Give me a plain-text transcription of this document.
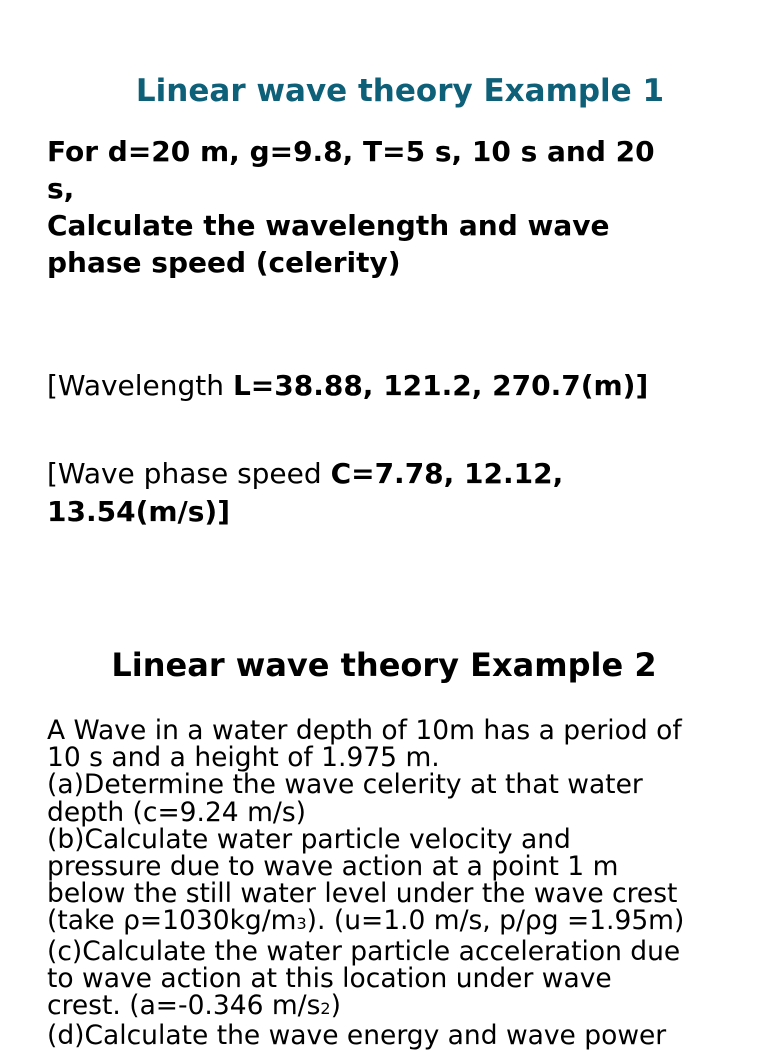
Linear wave theory Example 1
For d=20 m, g=9.8, T=5 s, 10 s and 20
s,
Calculate the wavelength and wave
phase speed (celerity)

[Wavelength L=38.88, 121.2, 270.7(m)]

[Wave phase speed C=7.78, 12.12,
13.54(m/s)]

Linear wave theory Example 2
A Wave in a water depth of 10m has a period of
10 s and a height of 1.975 m.
(a)Determine the wave celerity at that water
depth (c=9.24 m/s)
(b)Calculate water particle velocity and
pressure due to wave action at a point 1 m
below the still water level under the wave crest
(take ρ=1030kg/m3). (u=1.0 m/s, p/ρg =1.95m)
(c)Calculate the water particle acceleration due
to wave action at this location under wave
crest. (a=-0.346 m/s2)
(d)Calculate the wave energy and wave power
